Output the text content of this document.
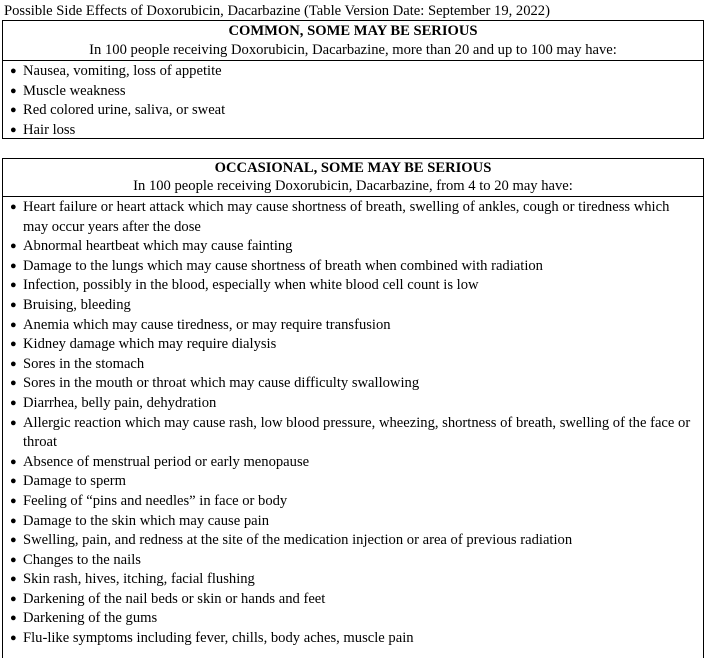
Possible Side Effects of Doxorubicin, Dacarbazine (Table Version Date: September 19, 2022)
COMMON, SOME MAY BE SERIOUS
In 100 people receiving Doxorubicin, Dacarbazine, more than 20 and up to 100 may have:
● Nausea, vomiting, loss of appetite
● Muscle weakness
● Red colored urine, saliva, or sweat
● Hair loss
OCCASIONAL, SOME MAY BE SERIOUS
In 100 people receiving Doxorubicin, Dacarbazine, from 4 to 20 may have:
● Heart failure or heart attack which may cause shortness of breath, swelling of ankles, cough or tiredness which may occur years after the dose
● Abnormal heartbeat which may cause fainting
● Damage to the lungs which may cause shortness of breath when combined with radiation
● Infection, possibly in the blood, especially when white blood cell count is low
● Bruising, bleeding
● Anemia which may cause tiredness, or may require transfusion
● Kidney damage which may require dialysis
● Sores in the stomach
● Sores in the mouth or throat which may cause difficulty swallowing
● Diarrhea, belly pain, dehydration
● Allergic reaction which may cause rash, low blood pressure, wheezing, shortness of breath, swelling of the face or throat
● Absence of menstrual period or early menopause
● Damage to sperm
● Feeling of “pins and needles” in face or body
● Damage to the skin which may cause pain
● Swelling, pain, and redness at the site of the medication injection or area of previous radiation
● Changes to the nails
● Skin rash, hives, itching, facial flushing
● Darkening of the nail beds or skin or hands and feet
● Darkening of the gums
● Flu-like symptoms including fever, chills, body aches, muscle pain
